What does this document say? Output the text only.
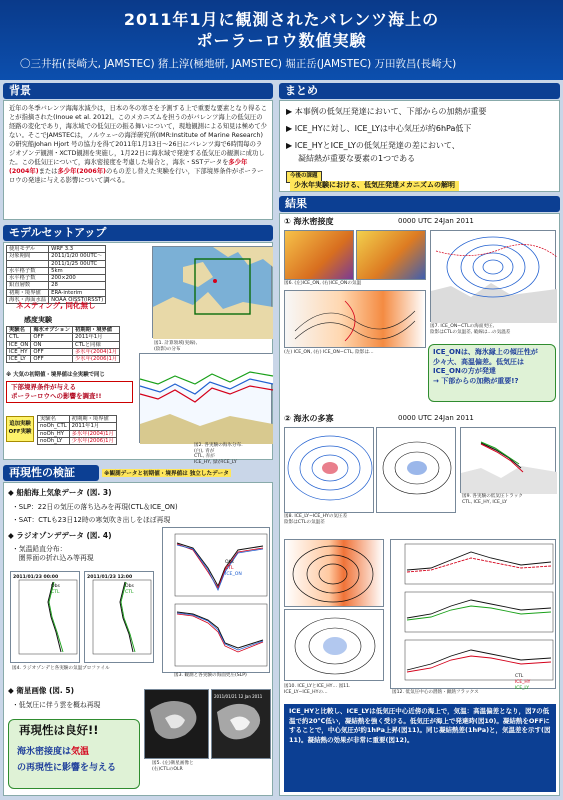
2011年1月に観測されたバレンツ海上の
ポーラーロウ数値実験
〇三井拓(長崎大, JAMSTEC) 猪上淳(極地研, JAMSTEC) 堀正岳(JAMSTEC) 万田敦昌(長崎大)
背景
近年の冬季バレンツ海海氷減少は，日本の冬の寒さを予測する上で重要な要素となり得ることが指摘された(Inoue et al. 2012)。このメカニズムを担うのがバレンツ海上の低気圧の経路の変化であり，海氷域での低気圧の振る舞いについて，現地観測による知見は極めて少ない。そこでJAMSTECは，ノルウェーの海洋研究所(IMR:Institute of Marine Research)の研究船Johan Hjort 号の協力を得て2011年1月13日〜26日にバレンツ海で6時間毎のラジオゾンデ観測・XCTD観測を実施し，1月22日に海氷域で発達する低気圧の観測に成功した。この低気圧について，海氷密接度を考慮した場合と，海氷・SSTデータを多少年(2004年)または多少年(2006年)のもの差し替えた実験を行い，下部境界条件がポーラーロウの発達に与える影響について調べる。
モデルセットアップ
使用モデル	WRF 3.3
対象期間	2011/1/20 00UTC～
	2011/1/25 00UTC
水平格子数	5km
水平格子数	200×200
鉛直層数	28
初期・境界値	ERA-interim
海氷・海面水温	NOAA OISST(IRSST)
ネスティング, 同化無し
感度実験
実験名	海氷オプション	初期期・境界値
CTL	OFF	2011年1月
ICE_ON	ON	CTLと同様
ICE_HY	OFF	多氷年(2004)1月
ICE_LY	OFF	少氷年(2006)1月
※ 大気の初期値・境界値は全実験で同じ
下部境界条件が与える
ポーラーロウへの影響を調査!!
追加実験
OFF実験
実験名	初期期・境界値
noOh_CTL	2011年1月
noOh_HY	多氷年(2004)1月
noOh_LY	少氷年(2006)1月
図1. 計算領域(実線),
(陰影)の分布
図2. 各実験の海氷分布.
(白), 青が
CTL, 赤が
ICE_HY, 緑がICE_LY
再現性の検証	※観測データと初期値・境界値は 独立したデータ
◆ 船舶海上気象データ (図. 3)
・SLP：22日の気圧の落ち込みを再現(CTL＆ICE_ON)
・SAT：CTLも23日12時の寒気吹き出しをほぼ再現
◆ ラジオゾンデデータ (図. 4)
・気温鉛直分布：
　圏界面の折れ込み等再現
2011/01/23 00:00
Obs
CTL
2011/01/23 12:00
Obs
CTL
図4. ラジオゾンデと各実験の気温プロファイル
Obs
CTL
ICE_ON
図3. 観測と各実験の海面更圧(SLP)
◆ 衛星画像 (図. 5)
・低気圧に伴う雲を概ね再現
2011/01/21 12 Jan 2011
図5. (左)衛星画像と
(右)CTLのOLR
再現性は良好!!
海氷密接度は気温
の再現性に影響を与える
まとめ
▶ 本事例の低気圧発達において、下部からの加熱が重要
▶ ICE_HYに対し、ICE_LYは中心気圧が約6hPa低下
▶ ICE_HYとICE_LYの低気圧発達の差において、
凝結熱が重要な要素の1つである
今後の課題
少氷年実験における、低気圧発達メカニズムの解明
結果
① 海氷密接度	0000 UTC 24Jan 2011
図6. (左)ICE_ON, (右)ICE_ONの気温
(左) ICE_ON, (右) ICE_ON−CTL, 陰影は…
図7. ICE_ON−CTLの海面更圧,
陰影はCTLの気温差, 破線は…の気温差
ICE_ONは、海氷縁上の傾圧性が少々大、高温偏差。低気圧はICE_ONの方が発達
→ 下部からの加熱が重要!?
② 海氷の多寡	0000 UTC 24Jan 2011
図8. ICE_LY−ICE_HYの気圧差
陰影はCTLの気温差
図9. 各実験の低気圧トラック
CTL, ICE_HY, ICE_LY
図10. ICE_LYとICE_HY… 図11. ICE_LY−ICE_HYの…
CTL
ICE_HY
ICE_LY
図12. 低気圧中心の潜熱・顕熱フラックス
ICE_HYと比較し、ICE_LYは低気圧中心近傍の海上で，気温：高温偏差となり，図7の低温で約20℃低い，凝結熱を強く受ける。低気圧が海上で発達時(図10)。凝結熱をOFFにすることで，中心気圧が約1hPa上昇(図11)。同じ凝結熱差(1hPa)と，気温差を示す(図11)。凝結熱の効果が非常に重要(図12)。
